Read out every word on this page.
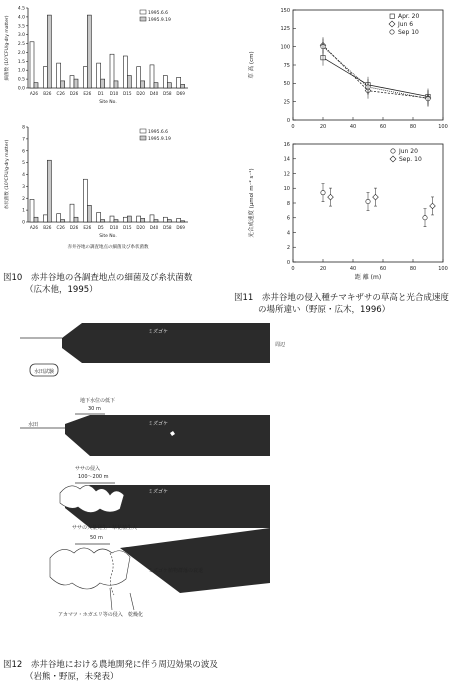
0.0
0.5
1.0
1.5
2.0
2.5
3.0
3.5
4.0
4.5
A26 B26 C26 D26 E26 D1 D10 D15 D20 D40 D58 D69
細菌数 (10⁷CFU/g·dry matter)
Site No.
1995.6.6
1995.9.19
0
1
2
3
4
5
6
7
8
A26 B26 C26 D26 E26 D5 D10 D15 D20 D40 D58 D69
糸状菌数 (10⁵CFU/g·dry matter)
Site No.
1995.6.6
1995.9.19
赤井谷地の調査地点の細菌及び糸状菌数
図10　赤井谷地の各調査地点の細菌及び糸状菌数
（広木他，1995）
0	20	40	60	80	100
0
25
50
75
100
125
150
草 高 (cm)
Apr. 20
Jun 6
Sep 10
0	20	40	60	80	100
0
2
4
6
8
10
12
14
16
光合成速度 (μmol m⁻² s⁻¹)
距 離 (m)
Jun 20
Sep. 10
図11　赤井谷地の侵入種チマキザサの草高と光合成速度
の場所違い（野原・広木，1996）
ミズゴケ
周辺
水田試験
地下水位の低下
30 m
水田	ミズゴケ
ササの侵入
100～200 m
ミズゴケ
ササの大量発生・草花植生大
50 m
ミズゴケ植物群落の衰退
アカマツ・ホガエリ等の侵入 乾燥化
図12　赤井谷地における農地開発に伴う周辺効果の波及
（岩熊・野原，未発表）
